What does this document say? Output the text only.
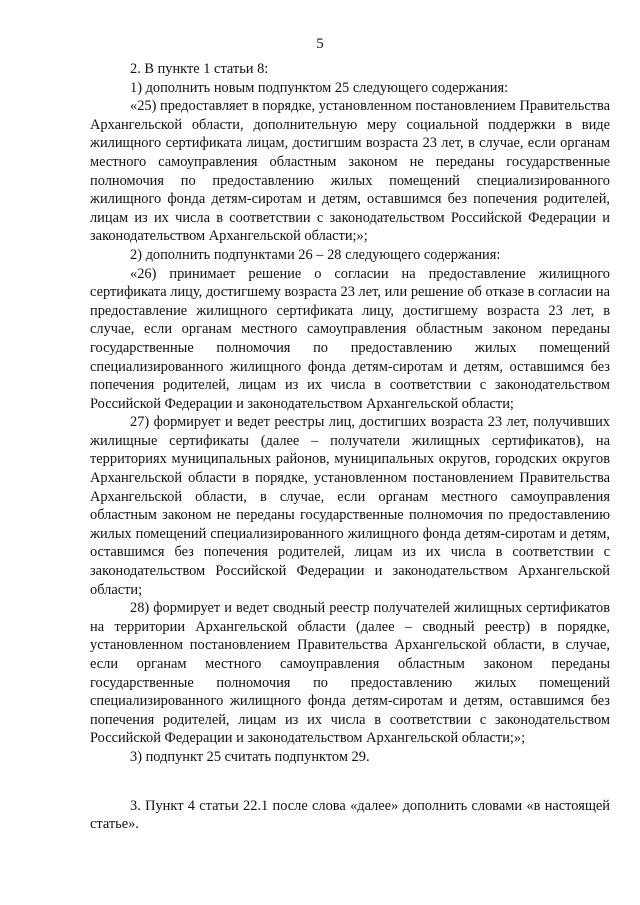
5

2. В пункте 1 статьи 8:

1) дополнить новым подпунктом 25 следующего содержания:

«25) предоставляет в порядке, установленном постановлением Правительства Архангельской области, дополнительную меру социальной поддержки в виде жилищного сертификата лицам, достигшим возраста 23 лет, в случае, если органам местного самоуправления областным законом не переданы государственные полномочия по предоставлению жилых помещений специализированного жилищного фонда детям-сиротам и детям, оставшимся без попечения родителей, лицам из их числа в соответствии с законодательством Российской Федерации и законодательством Архангельской области;»;

2) дополнить подпунктами 26 – 28 следующего содержания:

«26) принимает решение о согласии на предоставление жилищного сертификата лицу, достигшему возраста 23 лет, или решение об отказе в согласии на предоставление жилищного сертификата лицу, достигшему возраста 23 лет, в случае, если органам местного самоуправления областным законом переданы государственные полномочия по предоставлению жилых помещений специализированного жилищного фонда детям-сиротам и детям, оставшимся без попечения родителей, лицам из их числа в соответствии с законодательством Российской Федерации и законодательством Архангельской области;

27) формирует и ведет реестры лиц, достигших возраста 23 лет, получивших жилищные сертификаты (далее – получатели жилищных сертификатов), на территориях муниципальных районов, муниципальных округов, городских округов Архангельской области в порядке, установленном постановлением Правительства Архангельской области, в случае, если органам местного самоуправления областным законом не переданы государственные полномочия по предоставлению жилых помещений специализированного жилищного фонда детям-сиротам и детям, оставшимся без попечения родителей, лицам из их числа в соответствии с законодательством Российской Федерации и законодательством Архангельской области;

28) формирует и ведет сводный реестр получателей жилищных сертификатов на территории Архангельской области (далее – сводный реестр) в порядке, установленном постановлением Правительства Архангельской области, в случае, если органам местного самоуправления областным законом переданы государственные полномочия по предоставлению жилых помещений специализированного жилищного фонда детям-сиротам и детям, оставшимся без попечения родителей, лицам из их числа в соответствии с законодательством Российской Федерации и законодательством Архангельской области;»;

3) подпункт 25 считать подпунктом 29.

3. Пункт 4 статьи 22.1 после слова «далее» дополнить словами «в настоящей статье».
